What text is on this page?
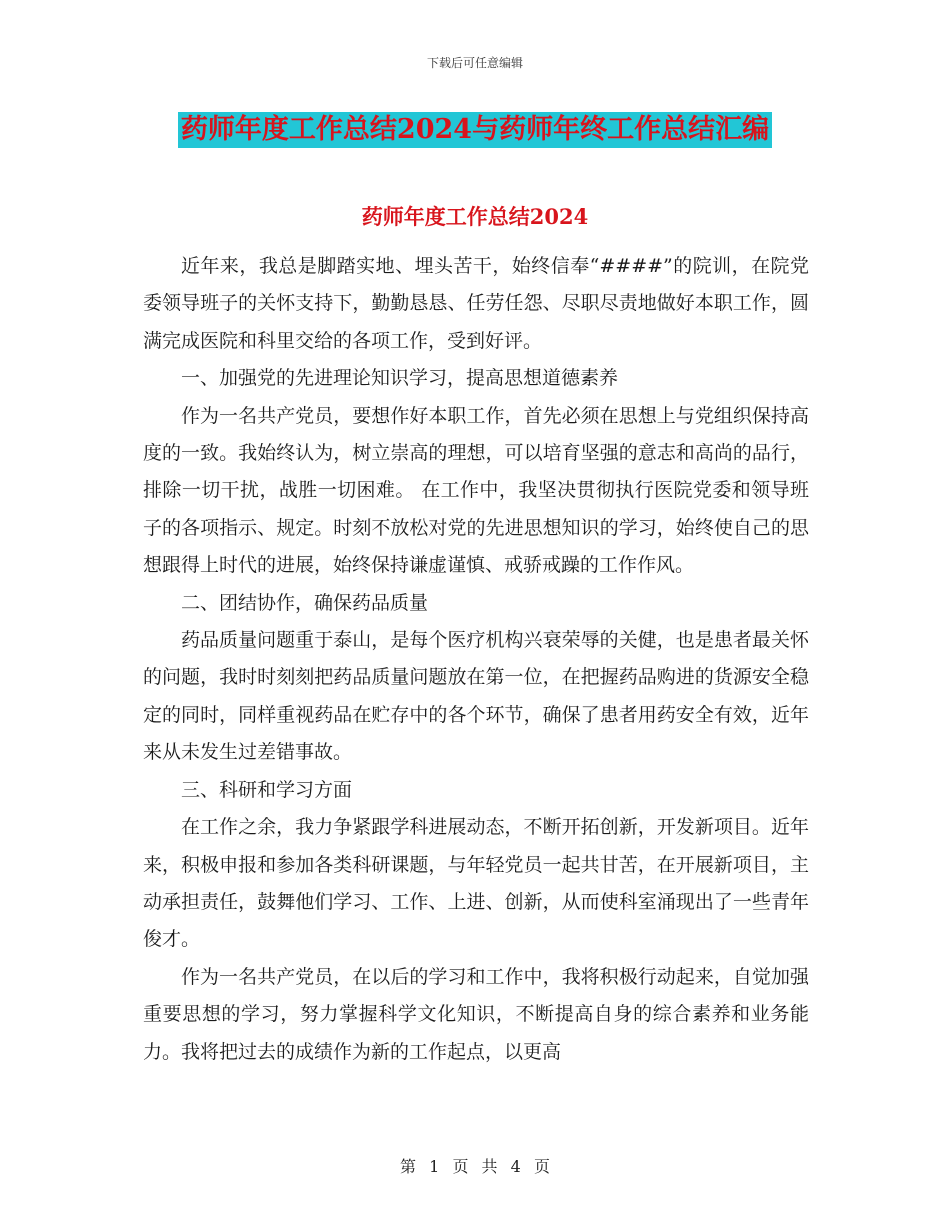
下载后可任意编辑
药师年度工作总结2024与药师年终工作总结汇编
药师年度工作总结2024

近年来，我总是脚踏实地、埋头苦干，始终信奉“####”的院训，在院党委领导班子的关怀支持下，勤勤恳恳、任劳任怨、尽职尽责地做好本职工作，圆满完成医院和科里交给的各项工作，受到好评。

一、加强党的先进理论知识学习，提高思想道德素养

作为一名共产党员，要想作好本职工作，首先必须在思想上与党组织保持高度的一致。我始终认为，树立崇高的理想，可以培育坚强的意志和高尚的品行，排除一切干扰，战胜一切困难。 在工作中，我坚决贯彻执行医院党委和领导班子的各项指示、规定。时刻不放松对党的先进思想知识的学习，始终使自己的思想跟得上时代的进展，始终保持谦虚谨慎、戒骄戒躁的工作作风。

二、团结协作，确保药品质量

药品质量问题重于泰山，是每个医疗机构兴衰荣辱的关健，也是患者最关怀的问题，我时时刻刻把药品质量问题放在第一位，在把握药品购进的货源安全稳定的同时，同样重视药品在贮存中的各个环节，确保了患者用药安全有效，近年来从未发生过差错事故。

三、科研和学习方面

在工作之余，我力争紧跟学科进展动态，不断开拓创新，开发新项目。近年来，积极申报和参加各类科研课题，与年轻党员一起共甘苦，在开展新项目，主动承担责任，鼓舞他们学习、工作、上进、创新，从而使科室涌现出了一些青年俊才。

作为一名共产党员，在以后的学习和工作中，我将积极行动起来，自觉加强重要思想的学习，努力掌握科学文化知识，不断提高自身的综合素养和业务能力。我将把过去的成绩作为新的工作起点，以更高

第 1 页 共 4 页
